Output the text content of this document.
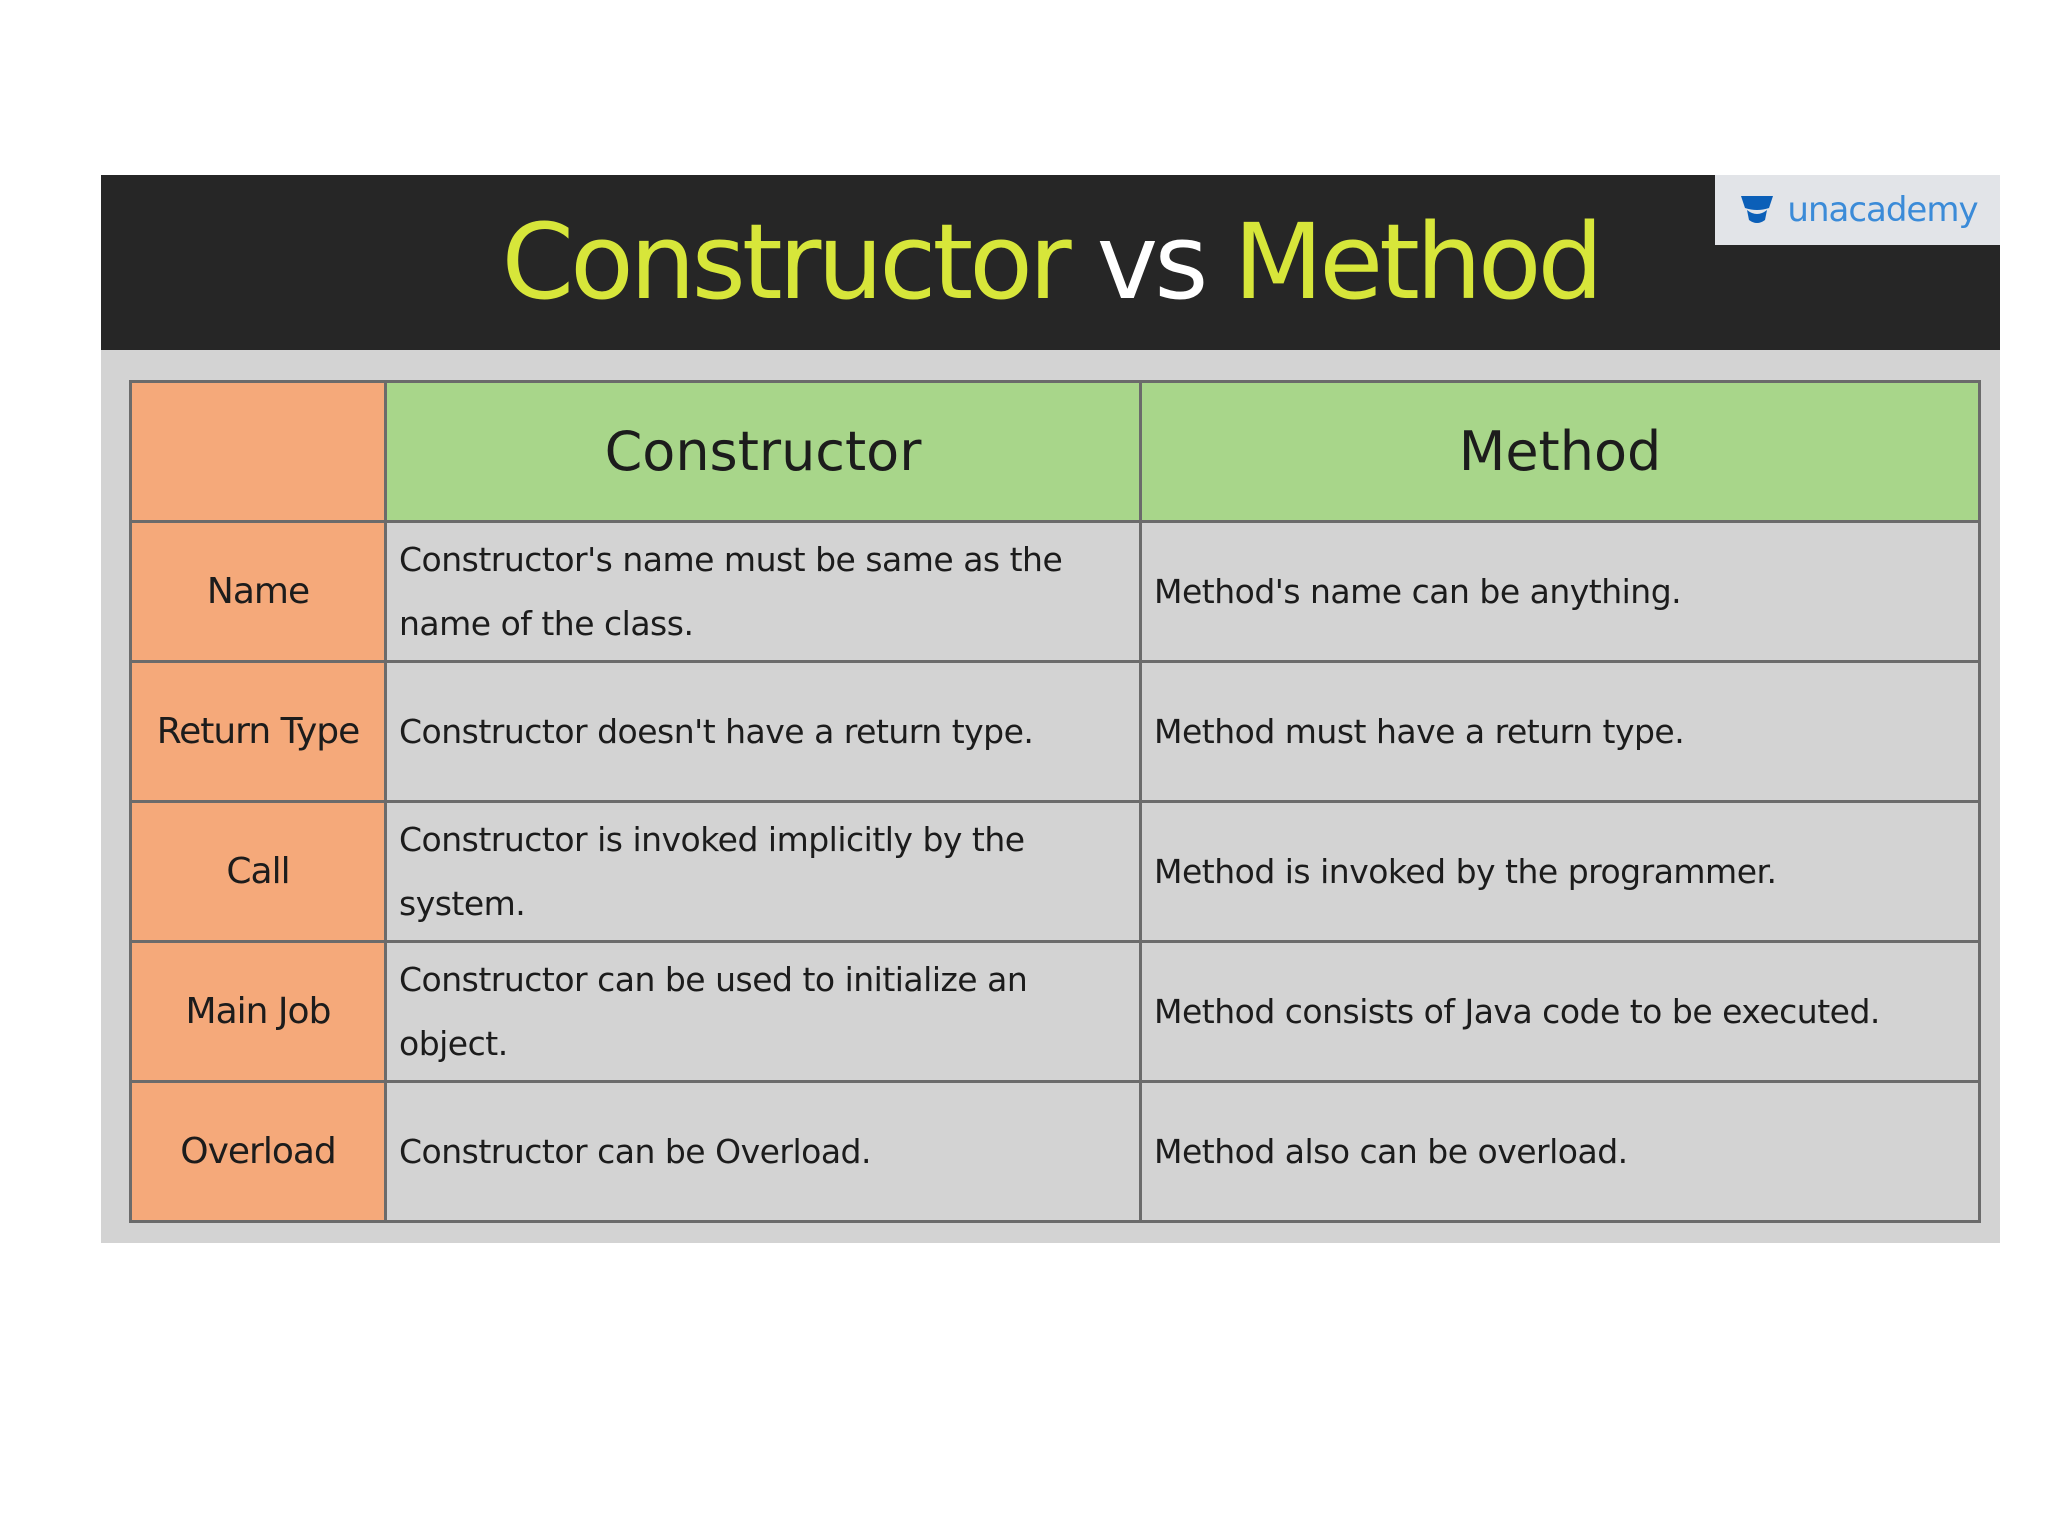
Constructor vs Method	unacademy
	Constructor	Method
Name	Constructor's name must be same as the name of the class.	Method's name can be anything.
Return Type	Constructor doesn't have a return type.	Method must have a return type.
Call	Constructor is invoked implicitly by the system.	Method is invoked by the programmer.
Main Job	Constructor can be used to initialize an object.	Method consists of Java code to be executed.
Overload	Constructor can be Overload.	Method also can be overload.
